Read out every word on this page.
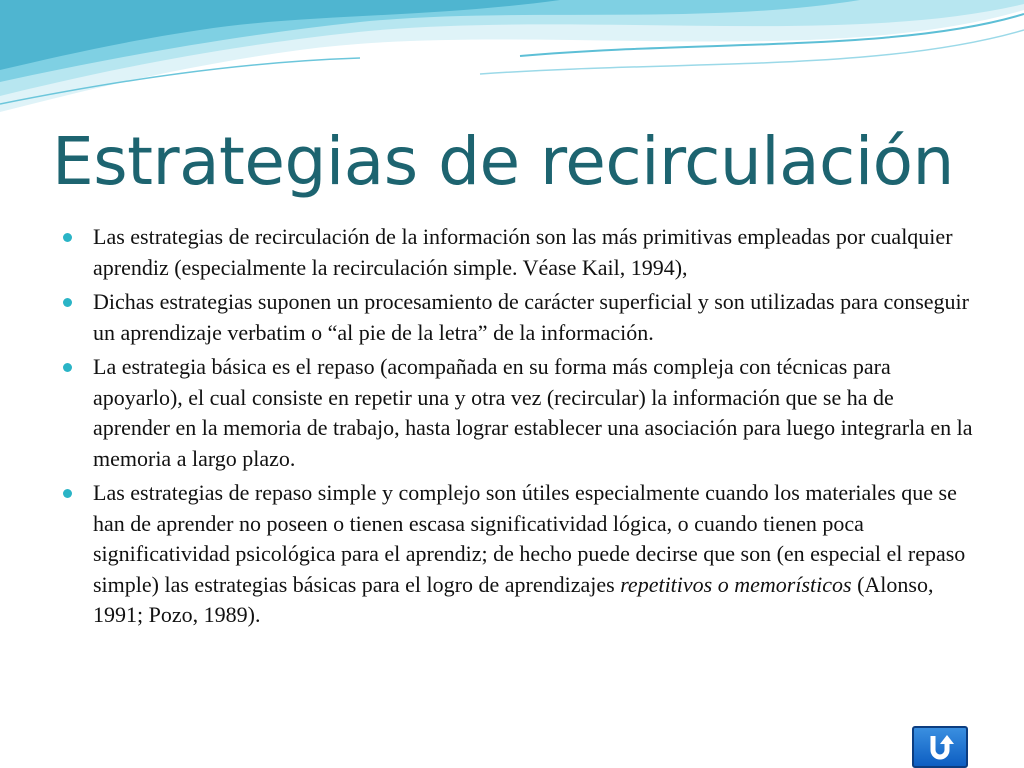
Estrategias de recirculación
Las estrategias de recirculación de la información son las más primitivas empleadas por cualquier aprendiz (especialmente la recirculación simple. Véase Kail, 1994),
Dichas estrategias suponen un procesamiento de carácter superficial y son utilizadas para conseguir un aprendizaje verbatim o “al pie de la letra” de la información.
La estrategia básica es el repaso (acompañada en su forma más compleja con técnicas para apoyarlo), el cual consiste en repetir una y otra vez (recircular) la información que se ha de aprender en la memoria de trabajo, hasta lograr establecer una asociación para luego integrarla en la memoria a largo plazo.
Las estrategias de repaso simple y complejo son útiles especialmente cuando los materiales que se han de aprender no poseen o tienen escasa significatividad lógica, o cuando tienen poca significatividad psicológica para el aprendiz; de hecho puede decirse que son (en especial el repaso simple) las estrategias básicas para el logro de aprendizajes repetitivos o memorísticos (Alonso, 1991; Pozo, 1989).
